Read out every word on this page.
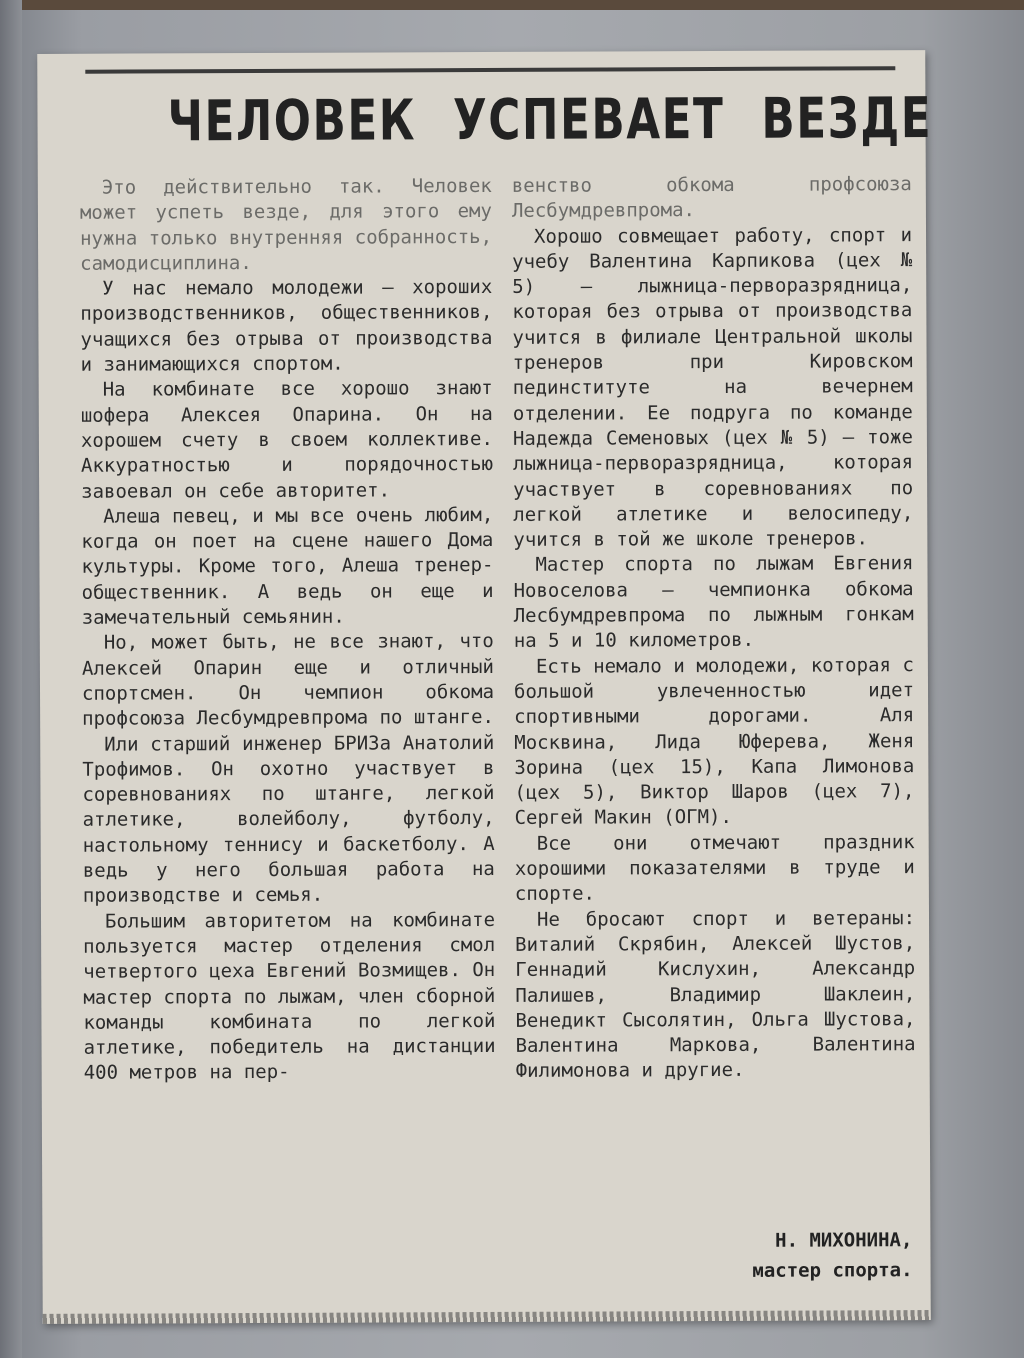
ЧЕЛОВЕК УСПЕВАЕТ ВЕЗДЕ

Это действительно так. Человек может успеть везде, для этого ему нужна только внутренняя собранность, самодисциплина.

У нас немало молодежи — хороших производственников, общественников, учащихся без отрыва от производства и занимающихся спортом.

На комбинате все хорошо знают шофера Алексея Опарина. Он на хорошем счету в своем коллективе. Аккуратностью и порядочностью завоевал он себе авторитет.

Алеша певец, и мы все очень любим, когда он поет на сцене нашего Дома культуры. Кроме того, Алеша тренер-общественник. А ведь он еще и замечательный семьянин.

Но, может быть, не все знают, что Алексей Опарин еще и отличный спортсмен. Он чемпион обкома профсоюза Лесбумдревпрома по штанге.

Или старший инженер БРИЗа Анатолий Трофимов. Он охотно участвует в соревнованиях по штанге, легкой атлетике, волейболу, футболу, настольному теннису и баскетболу. А ведь у него большая работа на производстве и семья.

Большим авторитетом на комбинате пользуется мастер отделения смол четвертого цеха Евгений Возмищев. Он мастер спорта по лыжам, член сборной команды комбината по легкой атлетике, победитель на дистанции 400 метров на пер-

венство обкома профсоюза Лесбумдревпрома.

Хорошо совмещает работу, спорт и учебу Валентина Карпикова (цех № 5) — лыжница-перворазрядница, которая без отрыва от производства учится в филиале Центральной школы тренеров при Кировском пединституте на вечернем отделении. Ее подруга по команде Надежда Семеновых (цех № 5) — тоже лыжница-перворазрядница, которая участвует в соревнованиях по легкой атлетике и велосипеду, учится в той же школе тренеров.

Мастер спорта по лыжам Евгения Новоселова — чемпионка обкома Лесбумдревпрома по лыжным гонкам на 5 и 10 километров.

Есть немало и молодежи, которая с большой увлеченностью идет спортивными дорогами. Аля Москвина, Лида Юферева, Женя Зорина (цех 15), Капа Лимонова (цех 5), Виктор Шаров (цех 7), Сергей Макин (ОГМ).

Все они отмечают праздник хорошими показателями в труде и спорте.

Не бросают спорт и ветераны: Виталий Скрябин, Алексей Шустов, Геннадий Кислухин, Александр Палишев, Владимир Шаклеин, Венедикт Сысолятин, Ольга Шустова, Валентина Маркова, Валентина Филимонова и другие.

Н. МИХОНИНА,
мастер спорта.
